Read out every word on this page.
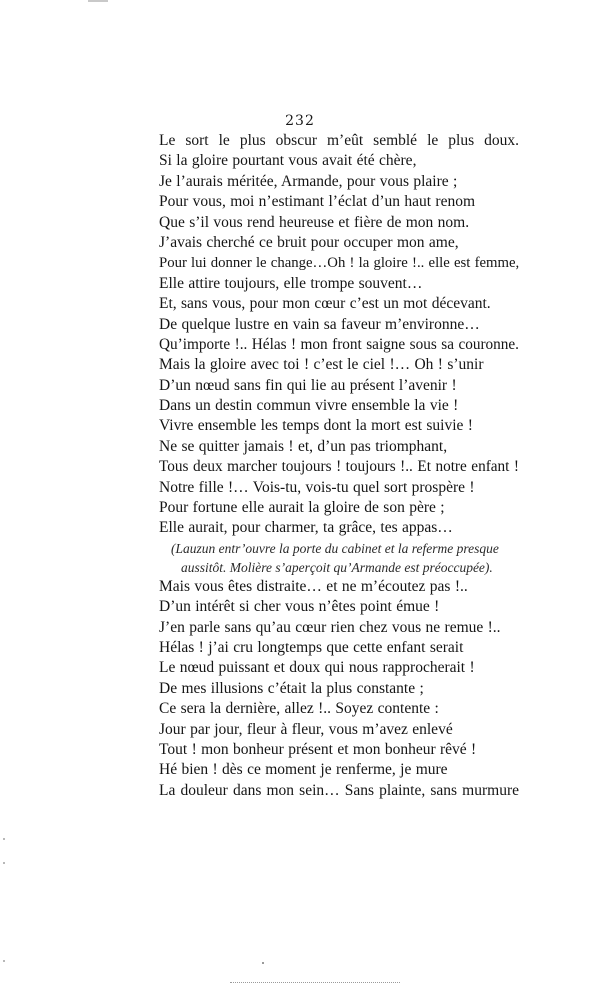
232
Le sort le plus obscur m’eût semblé le plus doux.
Si la gloire pourtant vous avait été chère,
Je l’aurais méritée, Armande, pour vous plaire ;
Pour vous, moi n’estimant l’éclat d’un haut renom
Que s’il vous rend heureuse et fière de mon nom.
J’avais cherché ce bruit pour occuper mon ame,
Pour lui donner le change…Oh ! la gloire !.. elle est femme,
Elle attire toujours, elle trompe souvent…
Et, sans vous, pour mon cœur c’est un mot décevant.
De quelque lustre en vain sa faveur m’environne…
Qu’importe !.. Hélas ! mon front saigne sous sa couronne.
Mais la gloire avec toi ! c’est le ciel !… Oh ! s’unir
D’un nœud sans fin qui lie au présent l’avenir !
Dans un destin commun vivre ensemble la vie !
Vivre ensemble les temps dont la mort est suivie !
Ne se quitter jamais ! et, d’un pas triomphant,
Tous deux marcher toujours ! toujours !.. Et notre enfant !
Notre fille !… Vois-tu, vois-tu quel sort prospère !
Pour fortune elle aurait la gloire de son père ;
Elle aurait, pour charmer, ta grâce, tes appas…
(Lauzun entr’ouvre la porte du cabinet et la referme presque
aussitôt. Molière s’aperçoit qu’Armande est préoccupée).
Mais vous êtes distraite… et ne m’écoutez pas !..
D’un intérêt si cher vous n’êtes point émue !
J’en parle sans qu’au cœur rien chez vous ne remue !..
Hélas ! j’ai cru longtemps que cette enfant serait
Le nœud puissant et doux qui nous rapprocherait !
De mes illusions c’était la plus constante ;
Ce sera la dernière, allez !.. Soyez contente :
Jour par jour, fleur à fleur, vous m’avez enlevé
Tout ! mon bonheur présent et mon bonheur rêvé !
Hé bien ! dès ce moment je renferme, je mure
La douleur dans mon sein… Sans plainte, sans murmure
